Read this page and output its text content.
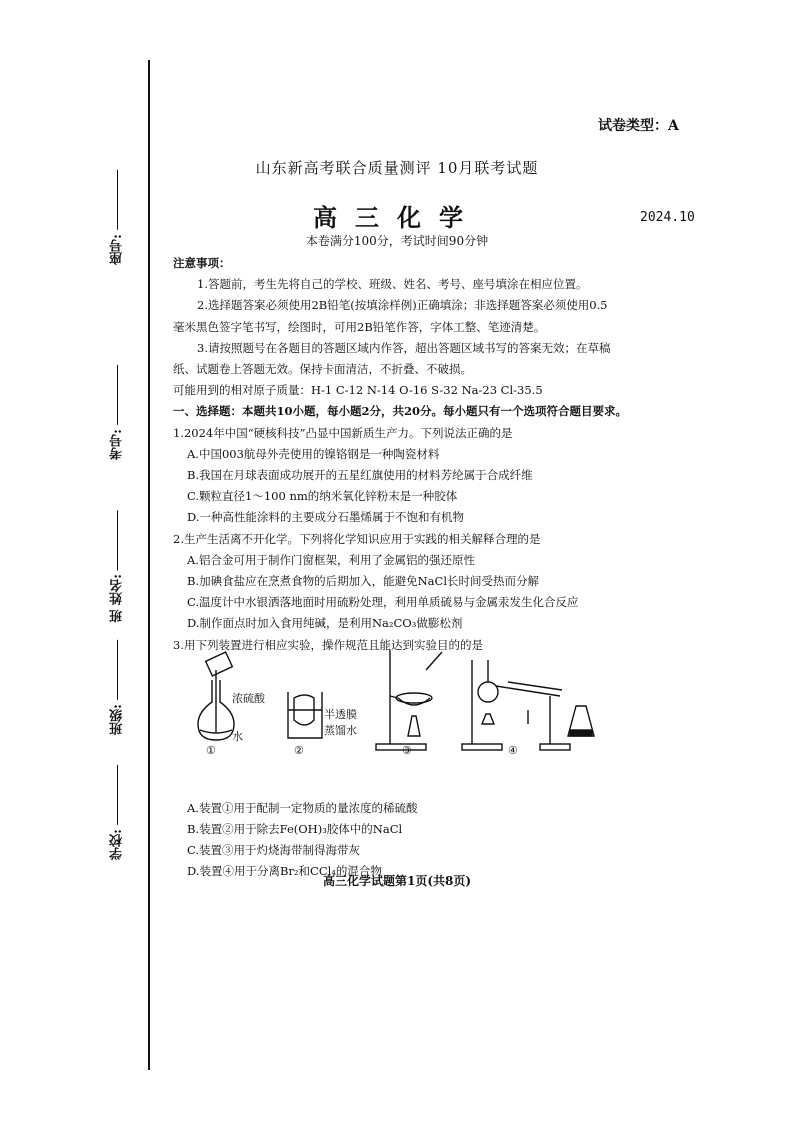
座号:
考号:
班 姓名:
班级:
学校:
试卷类型：A
山东新高考联合质量测评 10月联考试题
高三化学	2024.10
本卷满分100分，考试时间90分钟

注意事项：

1.答题前，考生先将自己的学校、班级、姓名、考号、座号填涂在相应位置。

2.选择题答案必须使用2B铅笔(按填涂样例)正确填涂；非选择题答案必须使用0.5

毫米黑色签字笔书写，绘图时，可用2B铅笔作答，字体工整、笔迹清楚。

3.请按照题号在各题目的答题区域内作答，超出答题区域书写的答案无效；在草稿

纸、试题卷上答题无效。保持卡面清洁，不折叠、不破损。

可能用到的相对原子质量：H-1 C-12 N-14 O-16 S-32 Na-23 Cl-35.5

一、选择题：本题共10小题，每小题2分，共20分。每小题只有一个选项符合题目要求。

1.2024年中国“硬核科技”凸显中国新质生产力。下列说法正确的是

A.中国003航母外壳使用的镍铬钢是一种陶瓷材料

B.我国在月球表面成功展开的五星红旗使用的材料芳纶属于合成纤维

C.颗粒直径1～100 nm的纳米氧化锌粉末是一种胶体

D.一种高性能涂料的主要成分石墨烯属于不饱和有机物

2.生产生活离不开化学。下列将化学知识应用于实践的相关解释合理的是

A.铝合金可用于制作门窗框架，利用了金属铝的强还原性

B.加碘食盐应在烹煮食物的后期加入，能避免NaCl长时间受热而分解

C.温度计中水银洒落地面时用硫粉处理，利用单质硫易与金属汞发生化合反应

D.制作面点时加入食用纯碱，是利用Na₂CO₃做膨松剂

3.用下列装置进行相应实验，操作规范且能达到实验目的的是

A.装置①用于配制一定物质的量浓度的稀硫酸

B.装置②用于除去Fe(OH)₃胶体中的NaCl

C.装置③用于灼烧海带制得海带灰

D.装置④用于分离Br₂和CCl₄的混合物

浓硫酸
水
半透膜
蒸馏水
①	②	③	④
高三化学试题第1页(共8页)
